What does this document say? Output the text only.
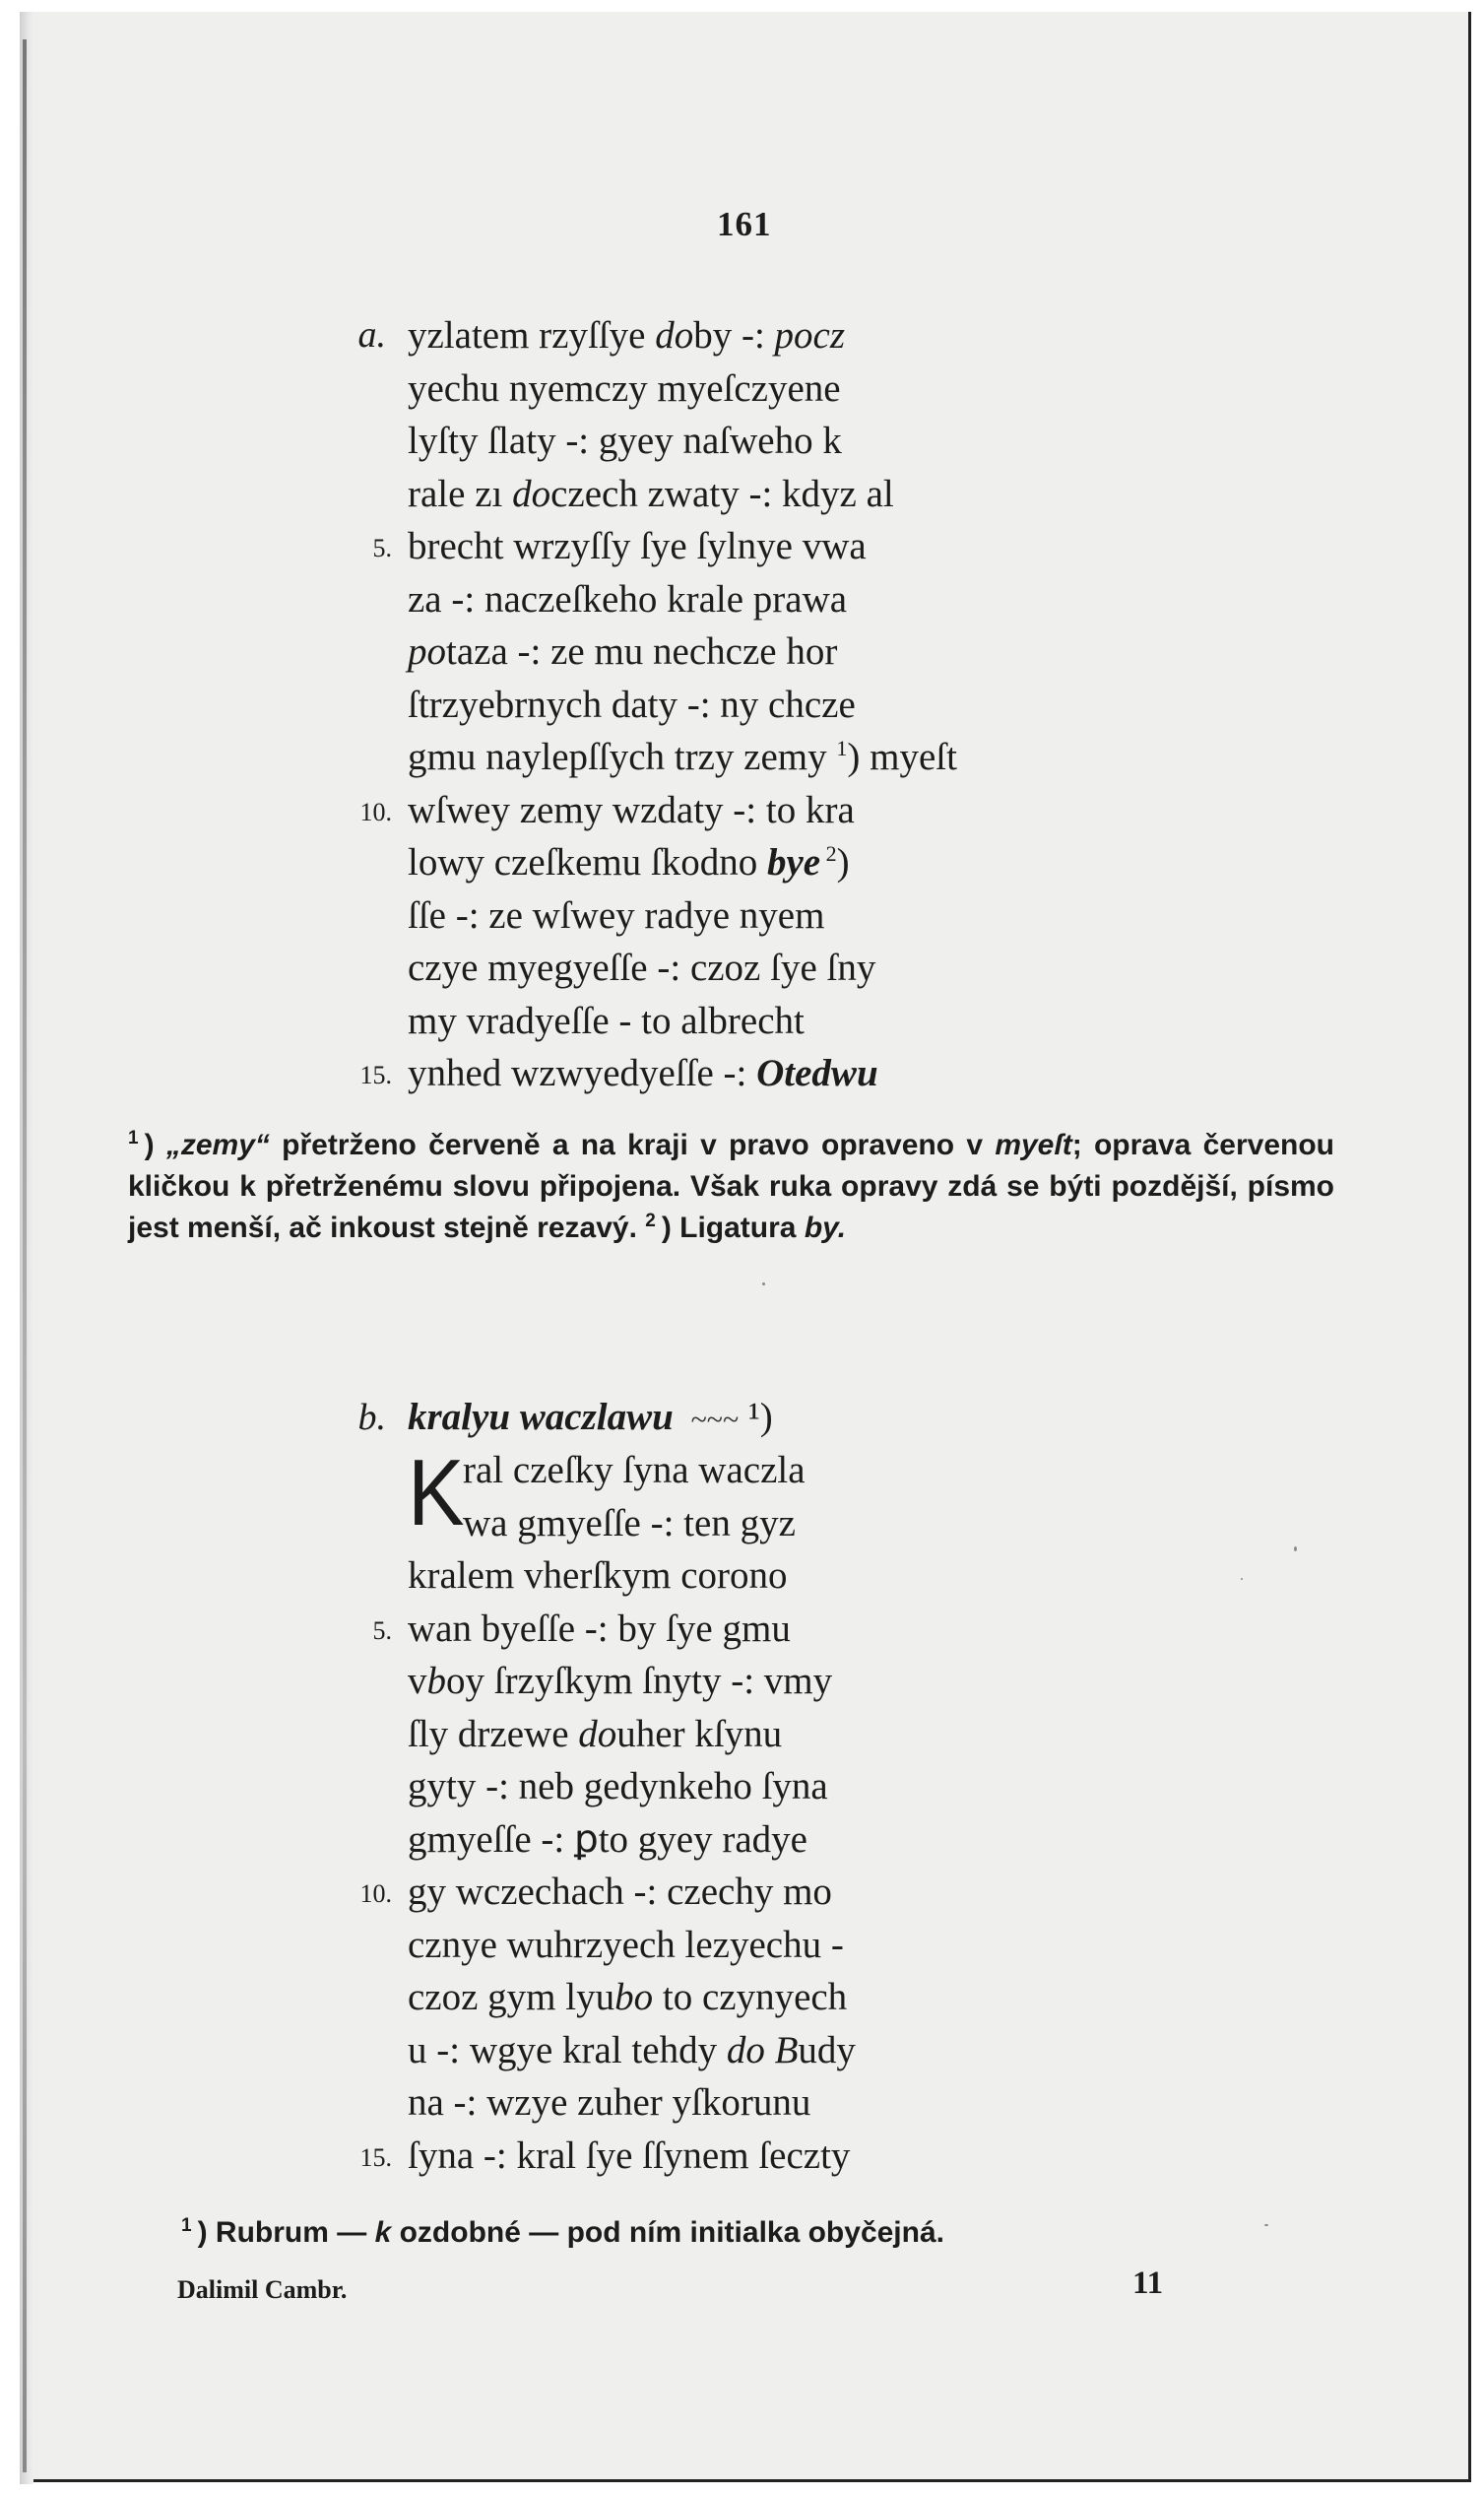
161
a. yzlatem rzyſſye doby -: pocz
yechu nyemczy myeſczyene
lyſty ſlaty -: gyey naſweho k
rale zı doczech zwaty -: kdyz al
5. brecht wrzyſſy ſye ſylnye vwa
za -: naczeſkeho krale prawa
potaza -: ze mu nechcze hor
ſtrzyebrnych daty -: ny chcze
gmu naylepſſych trzy zemy $^1$) myeſt
10. wſwey zemy wzdaty -: to kra
lowy czeſkemu ſkodno bye $^2$)
ſſe -: ze wſwey radye nyem
czye myegyeſſe -: czoz ſye ſny
my vradyeſſe - to albrecht
15. ynhed wzwyedyeſſe -: Otedwu
$^1$ ) „zemy“ přetrženo červeně a na kraji v pravo opraveno v myeſt; oprava červenou kličkou k přetrženému slovu připojena. Však ruka opravy zdá se býti pozdější, písmo jest menší, ač inkoust stejně rezavý. $^2$ ) Ligatura by.
b. kralyu waczlawu ~~~ ¹)
K
ral czeſky ſyna waczla
wa gmyeſſe -: ten gyz
kralem vherſkym corono
5. wan byeſſe -: by ſye gmu
vboy ſrzyſkym ſnyty -: vmy
ſly drzewe douher kſynu
gyty -: neb gedynkeho ſyna
gmyeſſe -: ꝑto gyey radye
10. gy wczechach -: czechy mo
cznye wuhrzyech lezyechu -
czoz gym lyubo to czynyech
u -: wgye kral tehdy do Budy
na -: wzye zuher yſkorunu
15. ſyna -: kral ſye ſſynem ſeczty
$^1$ ) Rubrum — k ozdobné — pod ním initialka obyčejná.
Dalimil Cambr.	11
